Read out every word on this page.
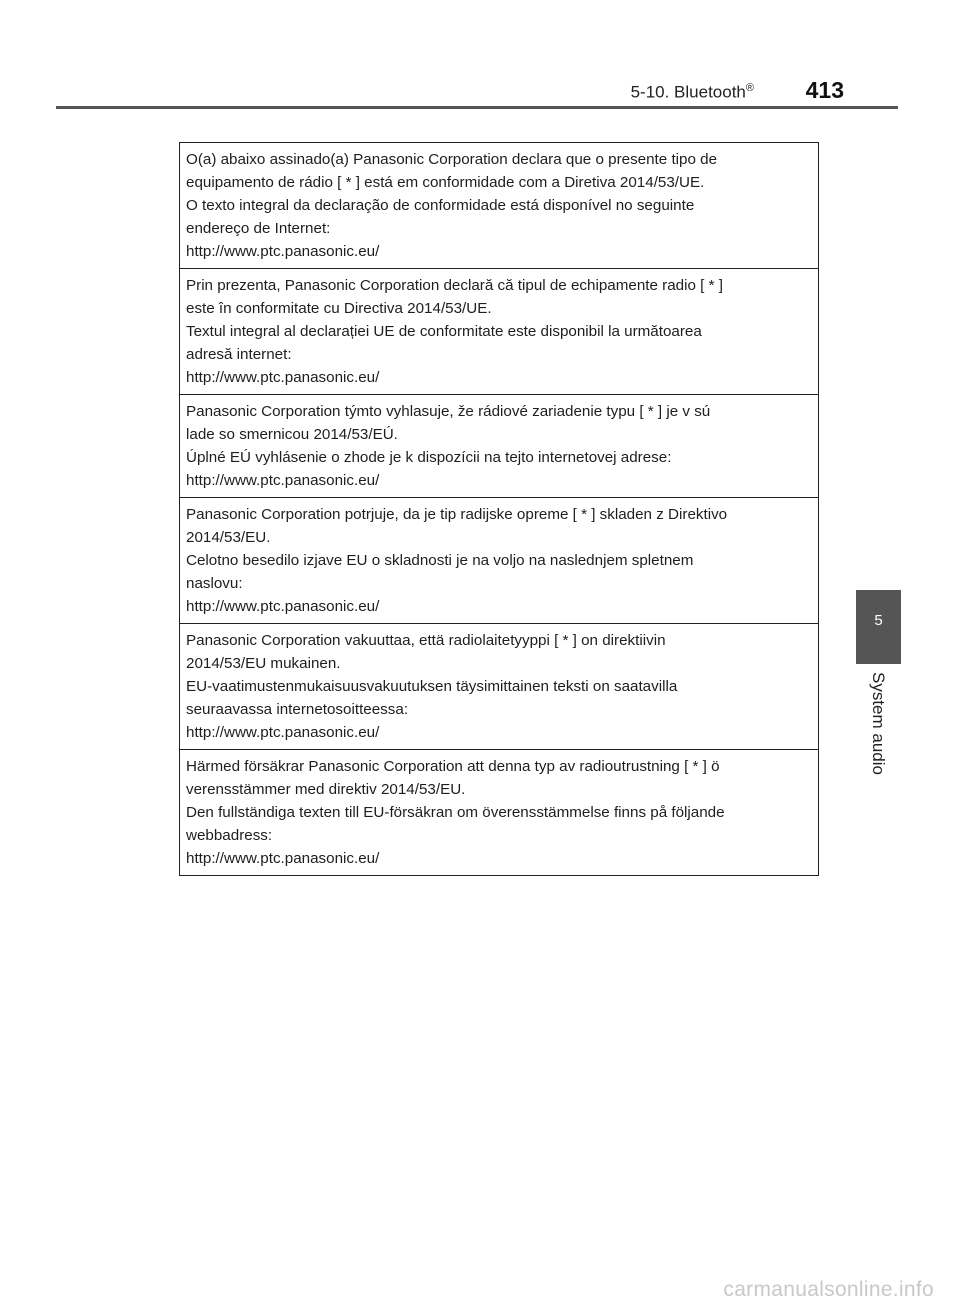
5-10. Bluetooth® 413
O(a) abaixo assinado(a) Panasonic Corporation declara que o presente tipo de
equipamento de rádio [ * ] está em conformidade com a Diretiva 2014/53/UE.
O texto integral da declaração de conformidade está disponível no seguinte
endereço de Internet:
http://www.ptc.panasonic.eu/
Prin prezenta, Panasonic Corporation declară că tipul de echipamente radio [ * ]
este în conformitate cu Directiva 2014/53/UE.
Textul integral al declarației UE de conformitate este disponibil la următoarea
adresă internet:
http://www.ptc.panasonic.eu/
Panasonic Corporation týmto vyhlasuje, že rádiové zariadenie typu [ * ] je v sú
lade so smernicou 2014/53/EÚ.
Úplné EÚ vyhlásenie o zhode je k dispozícii na tejto internetovej adrese:
http://www.ptc.panasonic.eu/
Panasonic Corporation potrjuje, da je tip radijske opreme [ * ] skladen z Direktivo
2014/53/EU.
Celotno besedilo izjave EU o skladnosti je na voljo na naslednjem spletnem
naslovu:
http://www.ptc.panasonic.eu/
Panasonic Corporation vakuuttaa, että radiolaitetyyppi [ * ] on direktiivin
2014/53/EU mukainen.
EU-vaatimustenmukaisuusvakuutuksen täysimittainen teksti on saatavilla
seuraavassa internetosoitteessa:
http://www.ptc.panasonic.eu/
Härmed försäkrar Panasonic Corporation att denna typ av radioutrustning [ * ] ö
verensstämmer med direktiv 2014/53/EU.
Den fullständiga texten till EU-försäkran om överensstämmelse finns på följande
webbadress:
http://www.ptc.panasonic.eu/
5
System audio
carmanualsonline.info
